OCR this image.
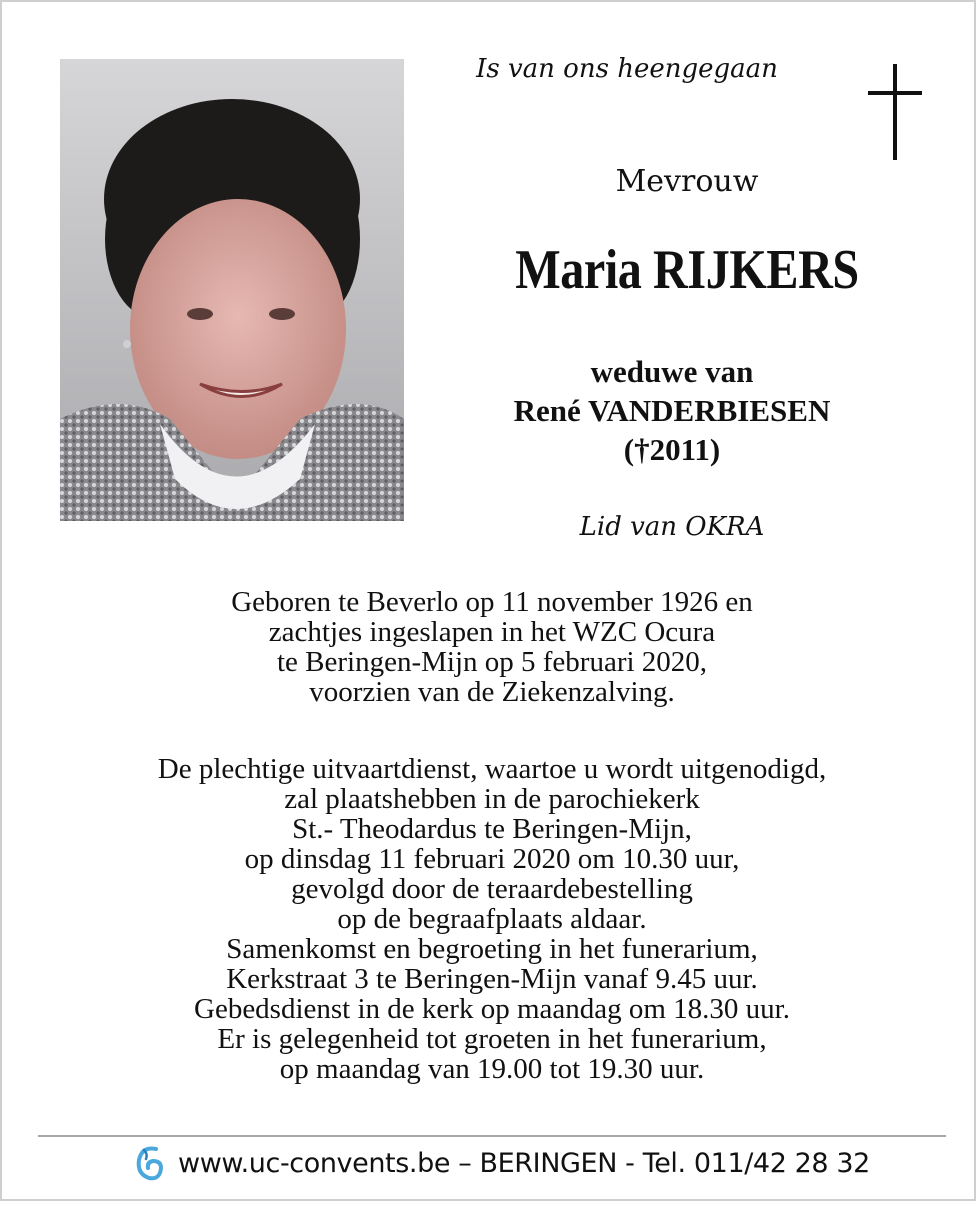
Is van ons heengegaan
Mevrouw
Maria RIJKERS
weduwe van
René VANDERBIESEN
(†2011)
Lid van OKRA
Geboren te Beverlo op 11 november 1926 en
zachtjes ingeslapen in het WZC Ocura
te Beringen-Mijn op 5 februari 2020,
voorzien van de Ziekenzalving.
De plechtige uitvaartdienst, waartoe u wordt uitgenodigd,
zal plaatshebben in de parochiekerk
St.- Theodardus te Beringen-Mijn,
op dinsdag 11 februari 2020 om 10.30 uur,
gevolgd door de teraardebestelling
op de begraafplaats aldaar.
Samenkomst en begroeting in het funerarium,
Kerkstraat 3 te Beringen-Mijn vanaf 9.45 uur.
Gebedsdienst in de kerk op maandag om 18.30 uur.
Er is gelegenheid tot groeten in het funerarium,
op maandag van 19.00 tot 19.30 uur.
www.uc-convents.be – BERINGEN - Tel. 011/42 28 32
